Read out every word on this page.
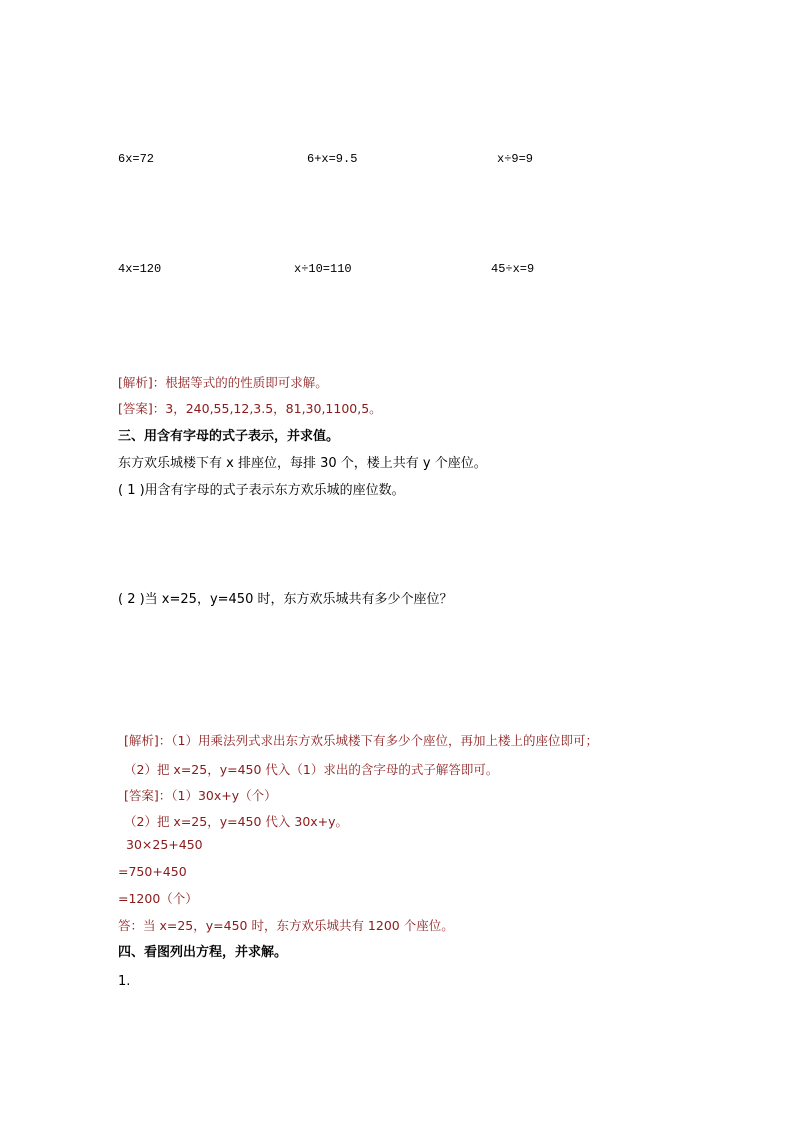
6x=72	6+x=9.5	x÷9=9
4x=120	x÷10=110	45÷x=9
[解析]：根据等式的的性质即可求解。
[答案]：3，240,55,12,3.5，81,30,1100,5。
三、用含有字母的式子表示，并求值。
东方欢乐城楼下有 x 排座位，每排 30 个，楼上共有 y 个座位。
( 1 )用含有字母的式子表示东方欢乐城的座位数。
( 2 )当 x=25，y=450 时，东方欢乐城共有多少个座位？
[解析]：（1）用乘法列式求出东方欢乐城楼下有多少个座位，再加上楼上的座位即可；
（2）把 x=25，y=450 代入（1）求出的含字母的式子解答即可。
[答案]：（1）30x+y（个）
（2）把 x=25，y=450 代入 30x+y。
30×25+450
=750+450
=1200（个）
答：当 x=25，y=450 时，东方欢乐城共有 1200 个座位。
四、看图列出方程，并求解。
1.
